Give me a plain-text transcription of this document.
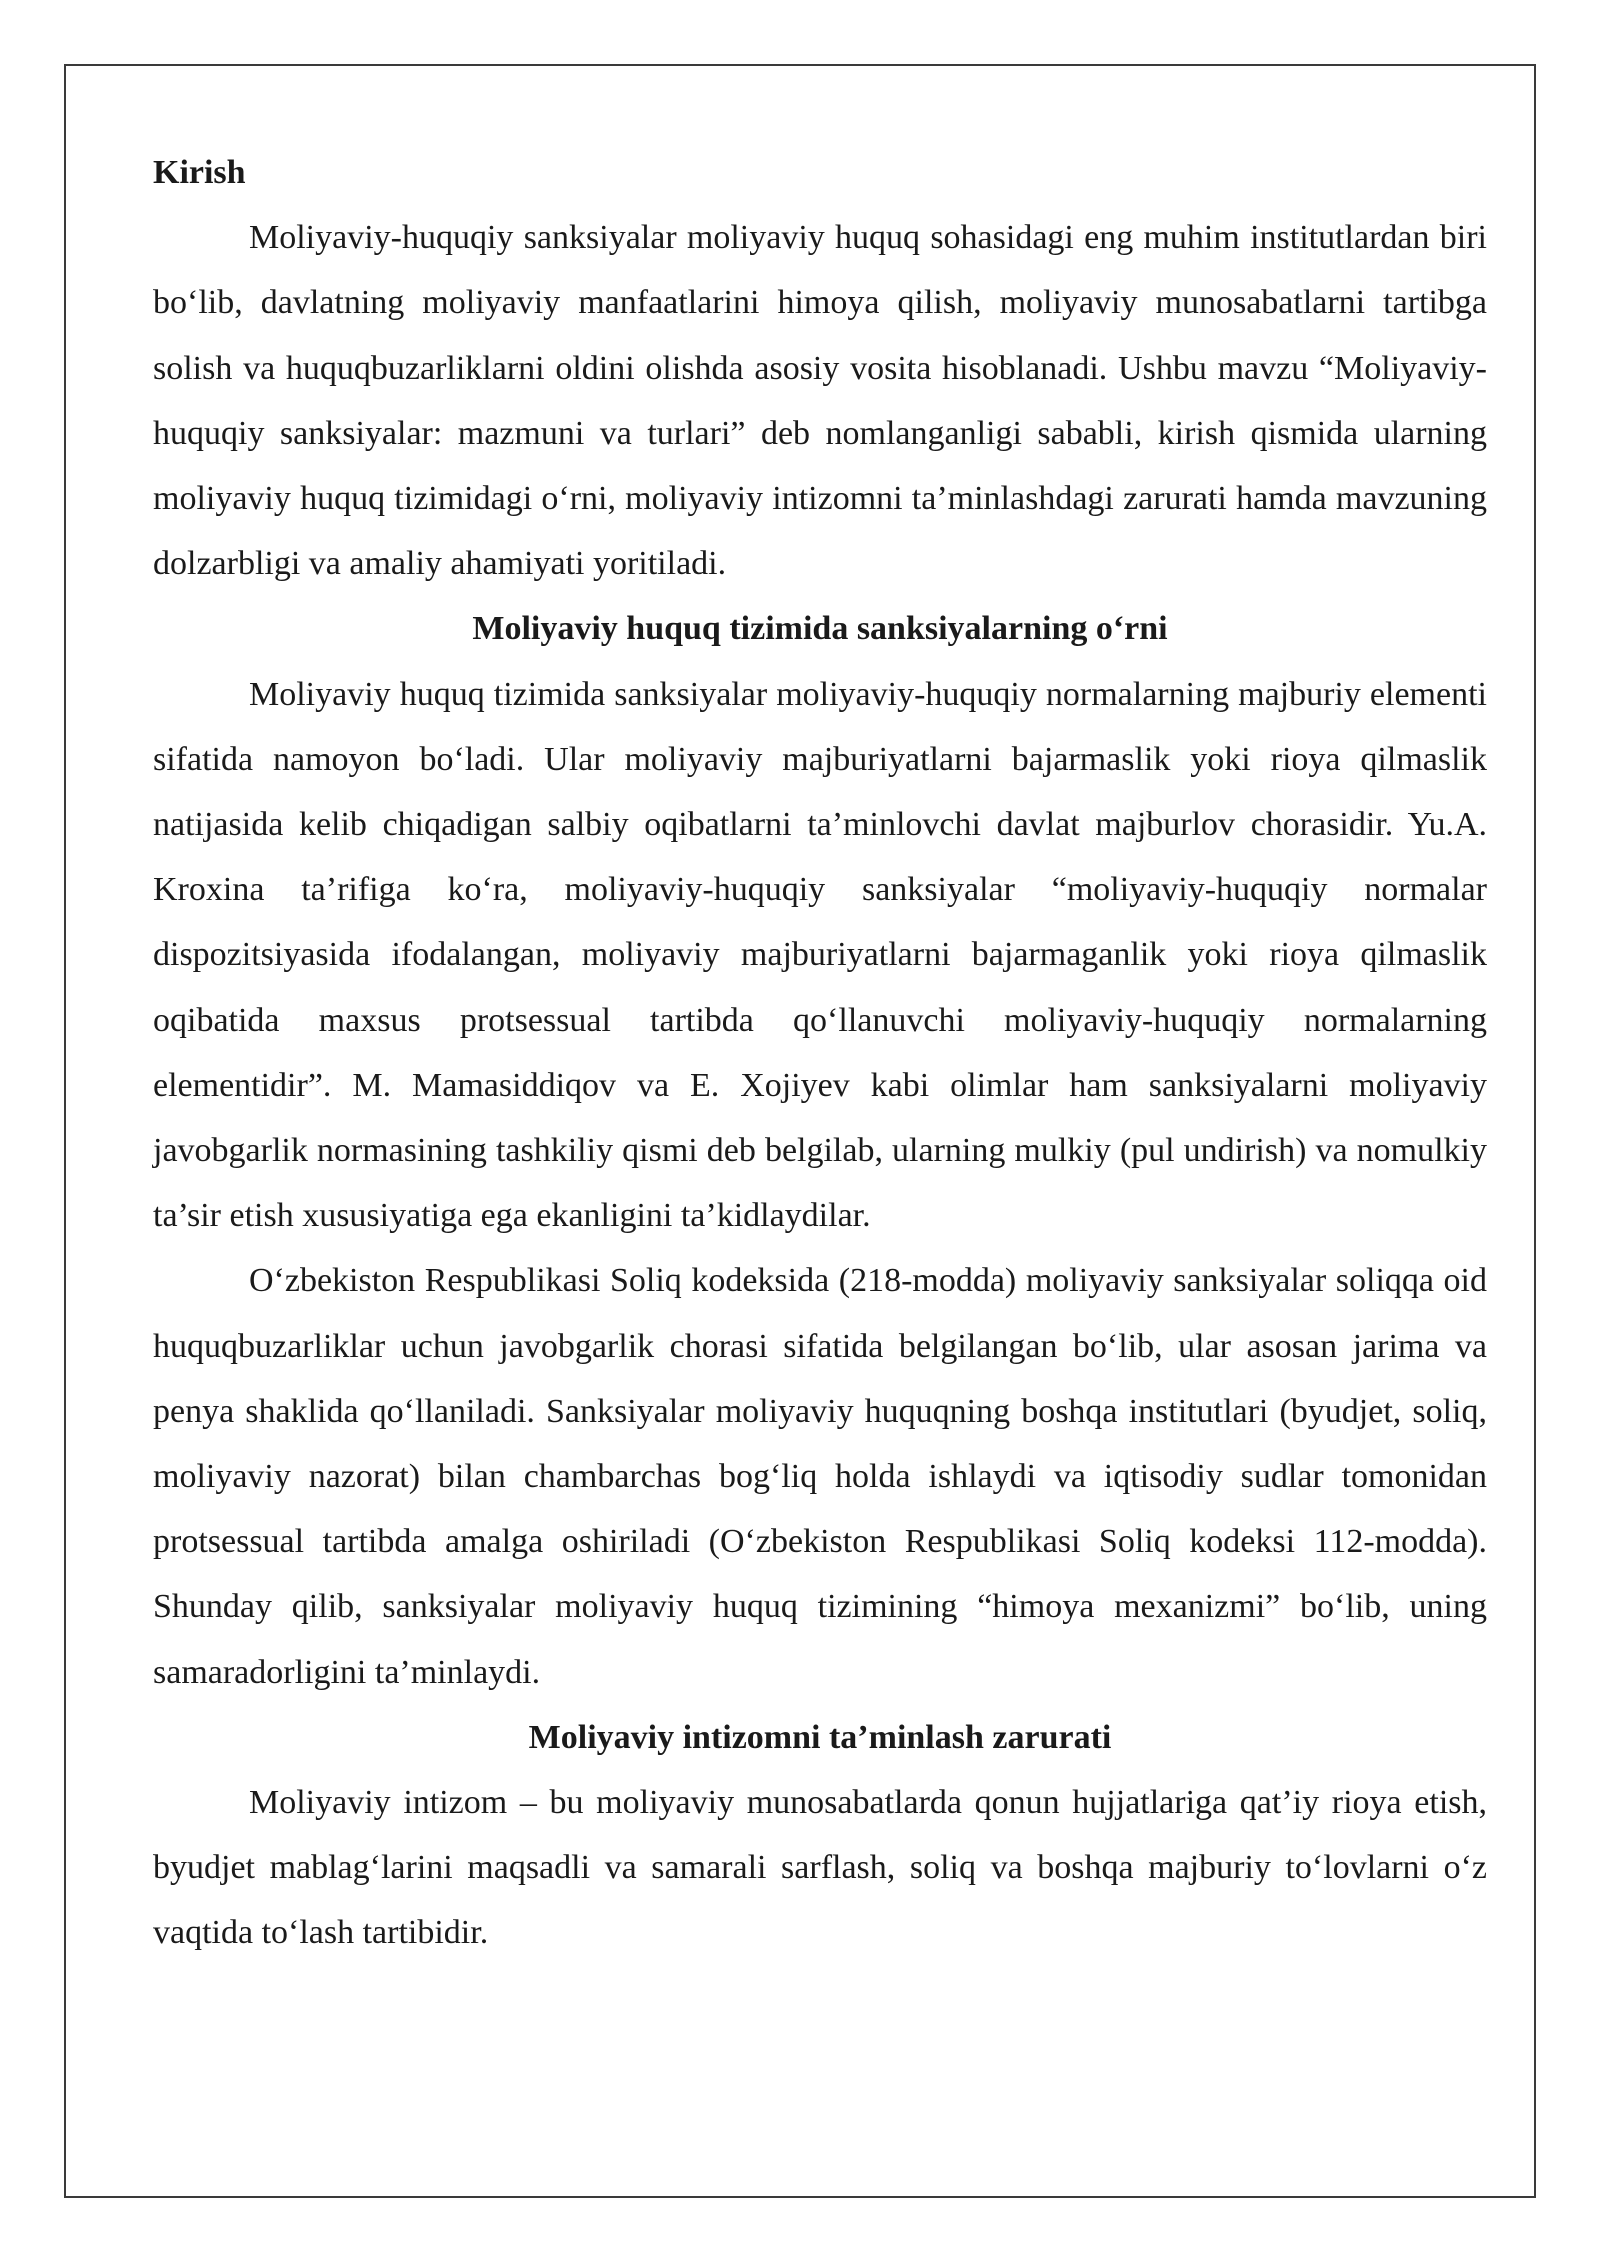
Kirish

Moliyaviy-huquqiy sanksiyalar moliyaviy huquq sohasidagi eng muhim institutlardan biri bo‘lib, davlatning moliyaviy manfaatlarini himoya qilish, moliyaviy munosabatlarni tartibga solish va huquqbuzarliklarni oldini olishda asosiy vosita hisoblanadi. Ushbu mavzu “Moliyaviy-huquqiy sanksiyalar: mazmuni va turlari” deb nomlanganligi sababli, kirish qismida ularning moliyaviy huquq tizimidagi o‘rni, moliyaviy intizomni ta’minlashdagi zarurati hamda mavzuning dolzarbligi va amaliy ahamiyati yoritiladi.

Moliyaviy huquq tizimida sanksiyalarning o‘rni

Moliyaviy huquq tizimida sanksiyalar moliyaviy-huquqiy normalarning majburiy elementi sifatida namoyon bo‘ladi. Ular moliyaviy majburiyatlarni bajarmaslik yoki rioya qilmaslik natijasida kelib chiqadigan salbiy oqibatlarni ta’minlovchi davlat majburlov chorasidir. Yu.A. Kroxina ta’rifiga ko‘ra, moliyaviy-huquqiy sanksiyalar “moliyaviy-huquqiy normalar dispozitsiyasida ifodalangan, moliyaviy majburiyatlarni bajarmaganlik yoki rioya qilmaslik oqibatida maxsus protsessual tartibda qo‘llanuvchi moliyaviy-huquqiy normalarning elementidir”. M. Mamasiddiqov va E. Xojiyev kabi olimlar ham sanksiyalarni moliyaviy javobgarlik normasining tashkiliy qismi deb belgilab, ularning mulkiy (pul undirish) va nomulkiy ta’sir etish xususiyatiga ega ekanligini ta’kidlaydilar.

O‘zbekiston Respublikasi Soliq kodeksida (218-modda) moliyaviy sanksiyalar soliqqa oid huquqbuzarliklar uchun javobgarlik chorasi sifatida belgilangan bo‘lib, ular asosan jarima va penya shaklida qo‘llaniladi. Sanksiyalar moliyaviy huquqning boshqa institutlari (byudjet, soliq, moliyaviy nazorat) bilan chambarchas bog‘liq holda ishlaydi va iqtisodiy sudlar tomonidan protsessual tartibda amalga oshiriladi (O‘zbekiston Respublikasi Soliq kodeksi 112-modda). Shunday qilib, sanksiyalar moliyaviy huquq tizimining “himoya mexanizmi” bo‘lib, uning samaradorligini ta’minlaydi.

Moliyaviy intizomni ta’minlash zarurati

Moliyaviy intizom – bu moliyaviy munosabatlarda qonun hujjatlariga qat’iy rioya etish, byudjet mablag‘larini maqsadli va samarali sarflash, soliq va boshqa majburiy to‘lovlarni o‘z vaqtida to‘lash tartibidir.
